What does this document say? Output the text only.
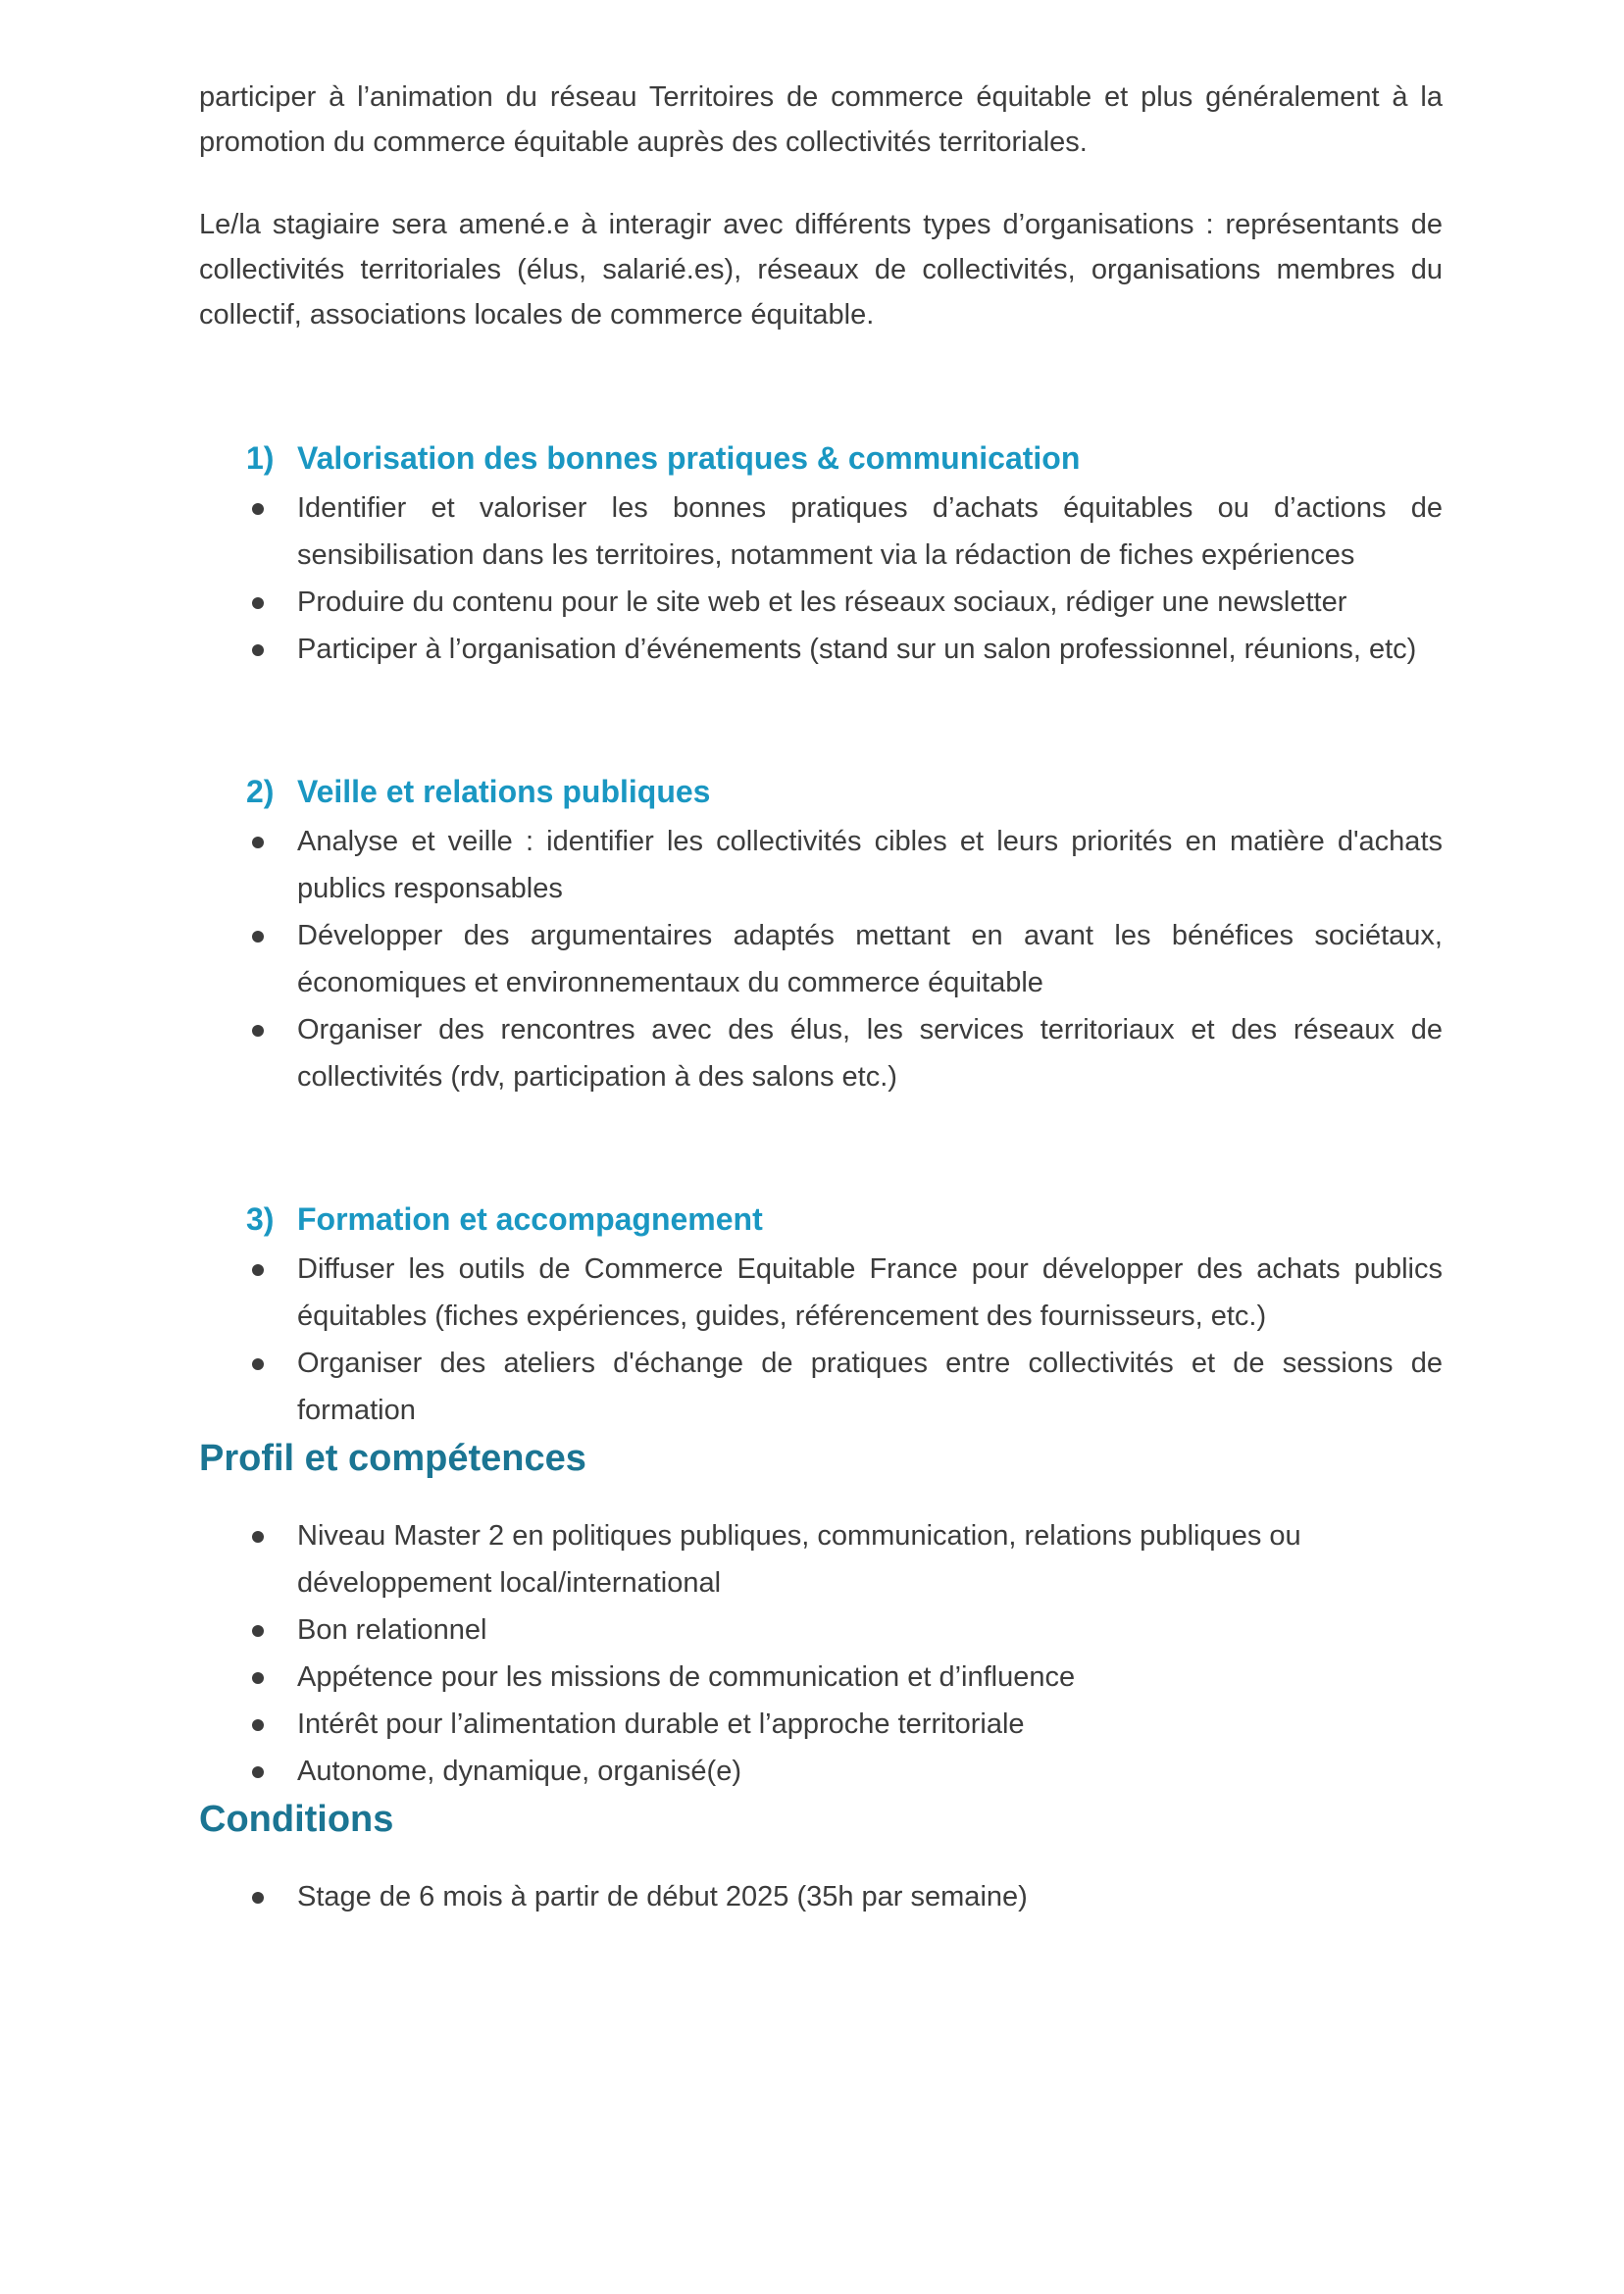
participer à l’animation du réseau Territoires de commerce équitable et plus généralement à la promotion du commerce équitable auprès des collectivités territoriales.

Le/la stagiaire sera amené.e à interagir avec différents types d’organisations : représentants de collectivités territoriales (élus, salarié.es), réseaux de collectivités, organisations membres du collectif, associations locales de commerce équitable.

1) Valorisation des bonnes pratiques & communication
Identifier et valoriser les bonnes pratiques d’achats équitables ou d’actions de sensibilisation dans les territoires, notamment via la rédaction de fiches expériences
Produire du contenu pour le site web et les réseaux sociaux, rédiger une newsletter
Participer à l’organisation d’événements (stand sur un salon professionnel, réunions, etc)
2) Veille et relations publiques
Analyse et veille : identifier les collectivités cibles et leurs priorités en matière d'achats publics responsables
Développer des argumentaires adaptés mettant en avant les bénéfices sociétaux, économiques et environnementaux du commerce équitable
Organiser des rencontres avec des élus, les services territoriaux et des réseaux de collectivités (rdv, participation à des salons etc.)
3) Formation et accompagnement
Diffuser les outils de Commerce Equitable France pour développer des achats publics équitables (fiches expériences, guides, référencement des fournisseurs, etc.)
Organiser des ateliers d'échange de pratiques entre collectivités et de sessions de formation
Profil et compétences
Niveau Master 2 en politiques publiques, communication, relations publiques ou développement local/international
Bon relationnel
Appétence pour les missions de communication et d’influence
Intérêt pour l’alimentation durable et l’approche territoriale
Autonome, dynamique, organisé(e)
Conditions
Stage de 6 mois à partir de début 2025 (35h par semaine)
